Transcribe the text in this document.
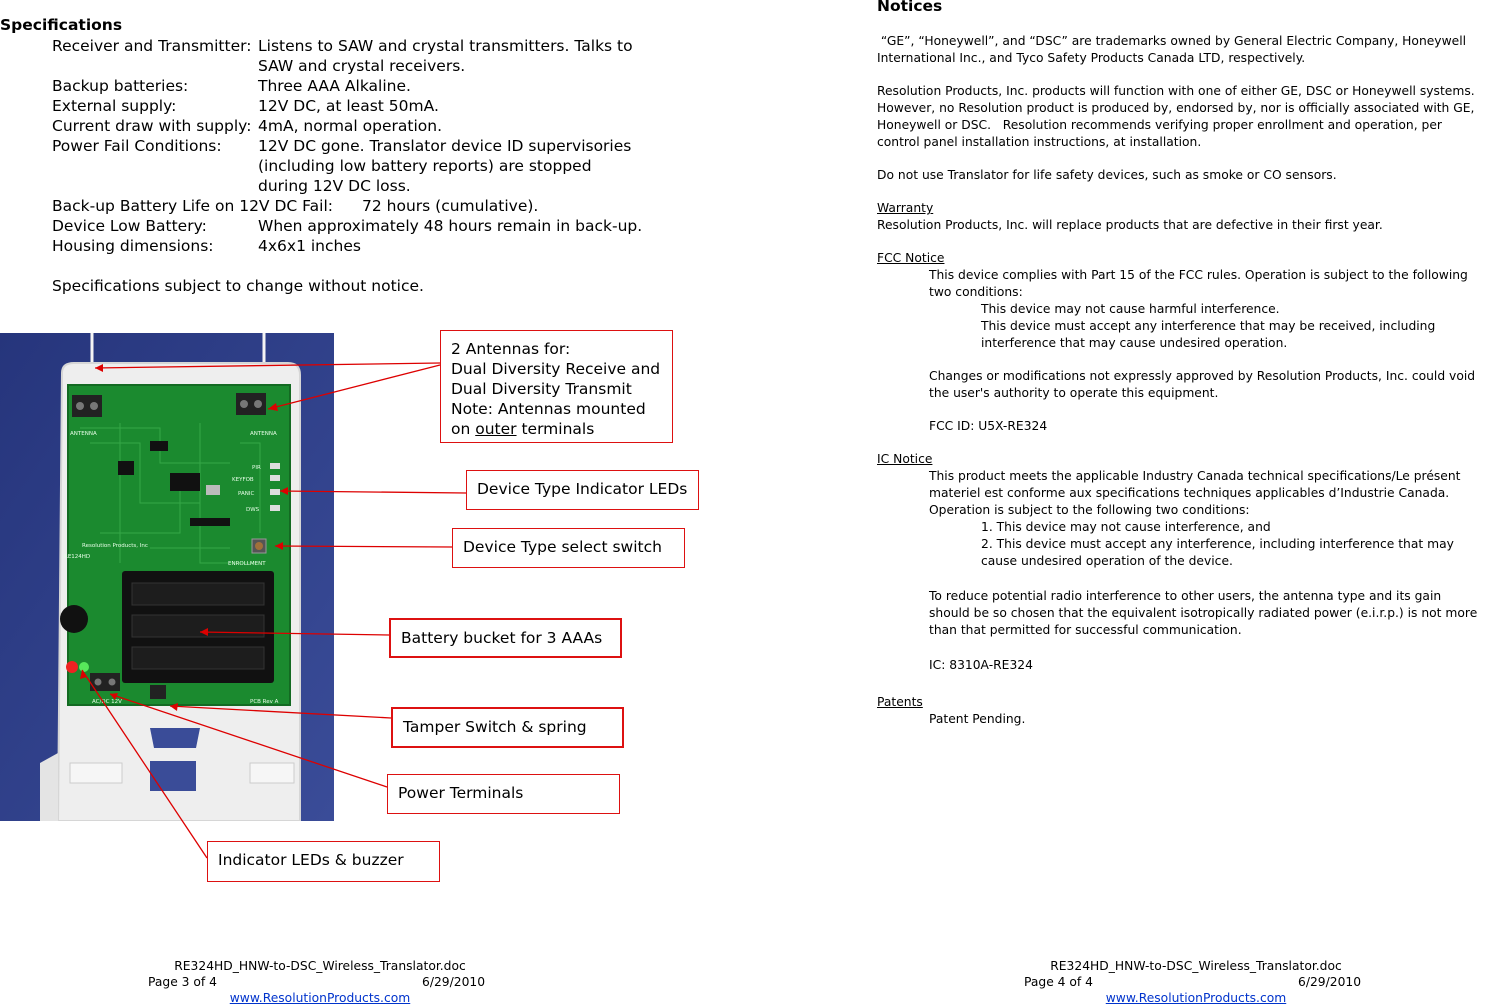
Specifications
Receiver and Transmitter: Listens to SAW and crystal transmitters. Talks to
SAW and crystal receivers.
Backup batteries:	Three AAA Alkaline.
External supply:	12V DC, at least 50mA.
Current draw with supply: 4mA, normal operation.
Power Fail Conditions: 12V DC gone. Translator device ID supervisories
(including low battery reports) are stopped
during 12V DC loss.
Back-up Battery Life on 12V DC Fail: 72 hours (cumulative).
Device Low Battery:	When approximately 48 hours remain in back-up.
Housing dimensions:	4x6x1 inches
Specifications subject to change without notice.
ANTENNA	ANTENNA
PIR
KEYFOB
PANIC
DWS
Resolution Products, Inc
RE124HD
ENROLLMENT
AC/DC 12V	PCB Rev A
2 Antennas for:
Dual Diversity Receive and
Dual Diversity Transmit
Note: Antennas mounted
on outer terminals
Device Type Indicator LEDs
Device Type select switch
Battery bucket for 3 AAAs
Tamper Switch & spring
Power Terminals
Indicator LEDs & buzzer
RE324HD_HNW-to-DSC_Wireless_Translator.doc
Page 3 of 4	6/29/2010
www.ResolutionProducts.com
Notices
“GE”, “Honeywell”, and “DSC” are trademarks owned by General Electric Company, Honeywell
International Inc., and Tyco Safety Products Canada LTD, respectively.
Resolution Products, Inc. products will function with one of either GE, DSC or Honeywell systems.
However, no Resolution product is produced by, endorsed by, nor is officially associated with GE,
Honeywell or DSC.   Resolution recommends verifying proper enrollment and operation, per
control panel installation instructions, at installation.
Do not use Translator for life safety devices, such as smoke or CO sensors.
Warranty
Resolution Products, Inc. will replace products that are defective in their first year.
FCC Notice
This device complies with Part 15 of the FCC rules. Operation is subject to the following
two conditions:
This device may not cause harmful interference.
This device must accept any interference that may be received, including
interference that may cause undesired operation.
Changes or modifications not expressly approved by Resolution Products, Inc. could void
the user's authority to operate this equipment.
FCC ID: U5X-RE324
IC Notice
This product meets the applicable Industry Canada technical specifications/Le présent
materiel est conforme aux specifications techniques applicables d’Industrie Canada.
Operation is subject to the following two conditions:
1. This device may not cause interference, and
2. This device must accept any interference, including interference that may
cause undesired operation of the device.
To reduce potential radio interference to other users, the antenna type and its gain
should be so chosen that the equivalent isotropically radiated power (e.i.r.p.) is not more
than that permitted for successful communication.
IC: 8310A-RE324
Patents
Patent Pending.
RE324HD_HNW-to-DSC_Wireless_Translator.doc
Page 4 of 4	6/29/2010
www.ResolutionProducts.com
